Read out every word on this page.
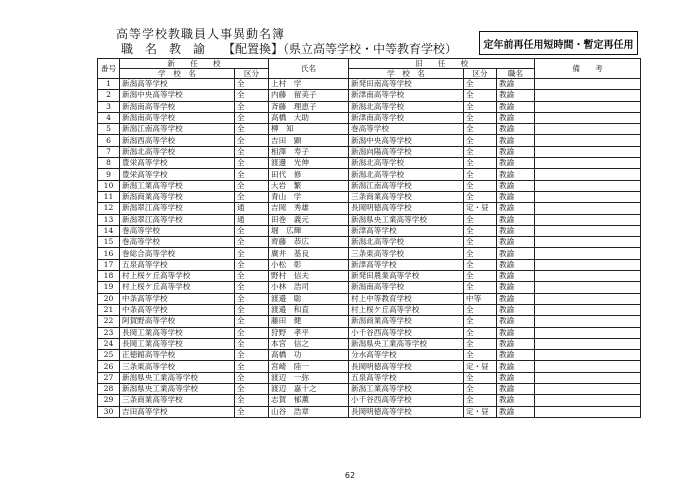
高等学校教職員人事異動名簿
職　名　教　諭　　 【配置換】（県立高等学校・中等教育学校）	定年前再任用短時間・暫定再任用
番号	新　　任　　校		氏名	旧　　任　　校			備　　考
	学　校　名	区分		学　校　名	区分	職名	
1	新潟高等学校	全	上村　学	新発田南高等学校	全	教諭	
2	新潟中央高等学校	全	内藤　留美子	新津南高等学校	全	教諭	
3	新潟南高等学校	全	斉藤　理恵子	新潟北高等学校	全	教諭	
4	新潟南高等学校	全	高橋　大助	新津南高等学校	全	教諭	
5	新潟江南高等学校	全	柳　知	巻高等学校	全	教諭	
6	新潟西高等学校	全	吉田　顕	新潟中央高等学校	全	教諭	
7	新潟北高等学校	全	相澤　寿子	新潟向陽高等学校	全	教諭	
8	豊栄高等学校	全	渡邊　光伸	新潟北高等学校	全	教諭	
9	豊栄高等学校	全	田代　修	新潟北高等学校	全	教諭	
10	新潟工業高等学校	全	大岩　繁	新潟江南高等学校	全	教諭	
11	新潟商業高等学校	全	青山　学	三条商業高等学校	全	教諭	
12	新潟翠江高等学校	通	吉岡　秀雄	長岡明徳高等学校	定・昼	教諭	
13	新潟翠江高等学校	通	田巻　義元	新潟県央工業高等学校	全	教諭	
14	巻高等学校	全	堀　広輝	新津高等学校	全	教諭	
15	巻高等学校	全	齊藤　恭広	新潟北高等学校	全	教諭	
16	巻総合高等学校	全	廣井　基良	三条東高等学校	全	教諭	
17	五泉高等学校	全	小松　彰	新津高等学校	全	教諭	
18	村上桜ケ丘高等学校	全	野村　信夫	新発田農業高等学校	全	教諭	
19	村上桜ケ丘高等学校	全	小林　浩司	新潟南高等学校	全	教諭	
20	中条高等学校	全	渡邉　聡	村上中等教育学校	中等	教諭	
21	中条高等学校	全	渡邉　和直	村上桜ケ丘高等学校	全	教諭	
22	阿賀野高等学校	全	藤田　健	新潟商業高等学校	全	教諭	
23	長岡工業高等学校	全	狩野　孝平	小千谷西高等学校	全	教諭	
24	長岡工業高等学校	全	本宮　信之	新潟県央工業高等学校	全	教諭	
25	正徳館高等学校	全	高橋　功	分水高等学校	全	教諭	
26	三条東高等学校	全	宮崎　陸一	長岡明徳高等学校	定・昼	教諭	
27	新潟県央工業高等学校	全	渡辺　一弥	五泉高等学校	全	教諭	
28	新潟県央工業高等学校	全	渡辺　嘉十之	新潟工業高等学校	全	教諭	
29	三条商業高等学校	全	志賀　郁薫	小千谷西高等学校	全	教諭	
30	吉田高等学校	全	山谷　浩章	長岡明徳高等学校	定・昼	教諭	
62
